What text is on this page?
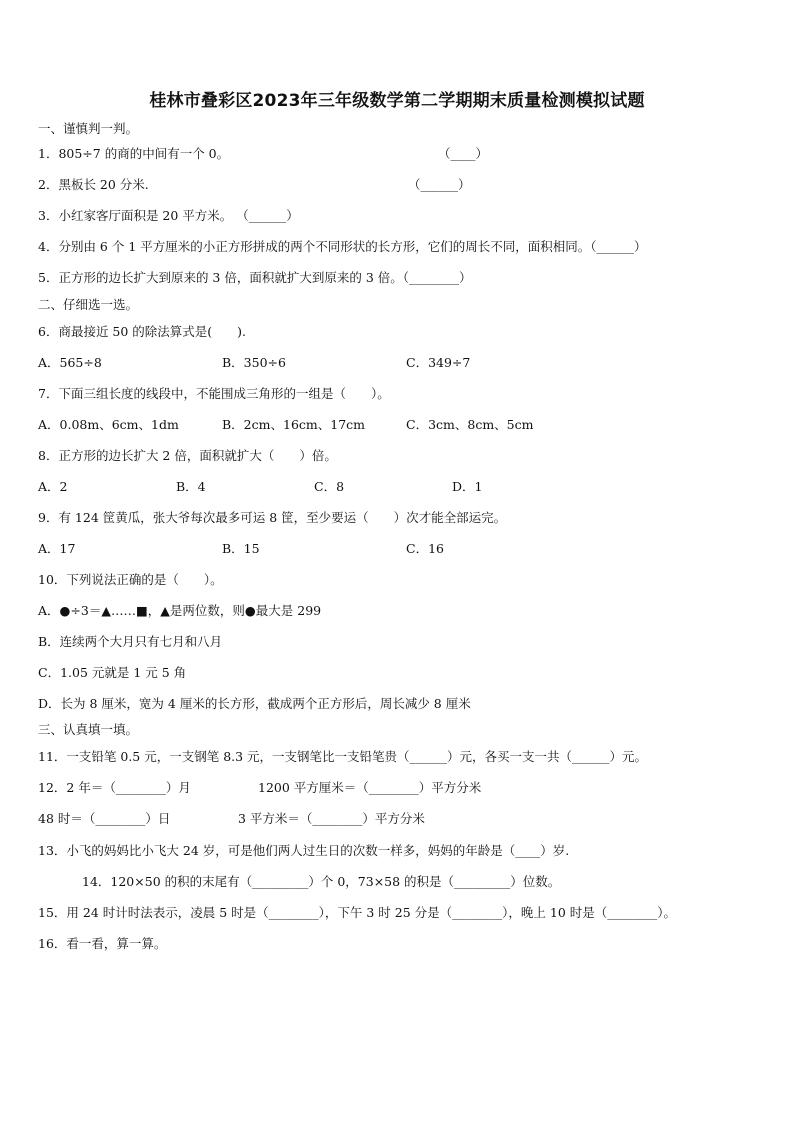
桂林市叠彩区2023年三年级数学第二学期期末质量检测模拟试题
一、谨慎判一判。
1．805÷7 的商的中间有一个 0。	（____）
2．黑板长 20 分米.	（______）
3．小红家客厅面积是 20 平方米。 （______）
4．分别由 6 个 1 平方厘米的小正方形拼成的两个不同形状的长方形，它们的周长不同，面积相同。（______）
5．正方形的边长扩大到原来的 3 倍，面积就扩大到原来的 3 倍。（________）
二、仔细选一选。
6．商最接近 50 的除法算式是(　　).
A．565÷8	B．350÷6	C．349÷7
7．下面三组长度的线段中，不能围成三角形的一组是（　　）。
A．0.08m、6cm、1dm	B．2cm、16cm、17cm	C．3cm、8cm、5cm
8．正方形的边长扩大 2 倍，面积就扩大（　　）倍。
A．2	B．4	C．8	D．1
9．有 124 筐黄瓜，张大爷每次最多可运 8 筐，至少要运（　　）次才能全部运完。
A．17	B．15	C．16
10．下列说法正确的是（　　）。
A．●÷3＝▲……■，▲是两位数，则●最大是 299
B．连续两个大月只有七月和八月
C．1.05 元就是 1 元 5 角
D．长为 8 厘米，宽为 4 厘米的长方形，截成两个正方形后，周长减少 8 厘米
三、认真填一填。
11．一支铅笔 0.5 元，一支钢笔 8.3 元，一支钢笔比一支铅笔贵（______）元，各买一支一共（______）元。
12．2 年＝（________）月	1200 平方厘米＝（________）平方分米
48 时＝（________）日	3 平方米＝（________）平方分米
13．小飞的妈妈比小飞大 24 岁，可是他们两人过生日的次数一样多，妈妈的年龄是（____）岁.
14．120×50 的积的末尾有（_________）个 0，73×58 的积是（_________）位数。
15．用 24 时计时法表示，凌晨 5 时是（________），下午 3 时 25 分是（________），晚上 10 时是（________）。
16．看一看，算一算。
